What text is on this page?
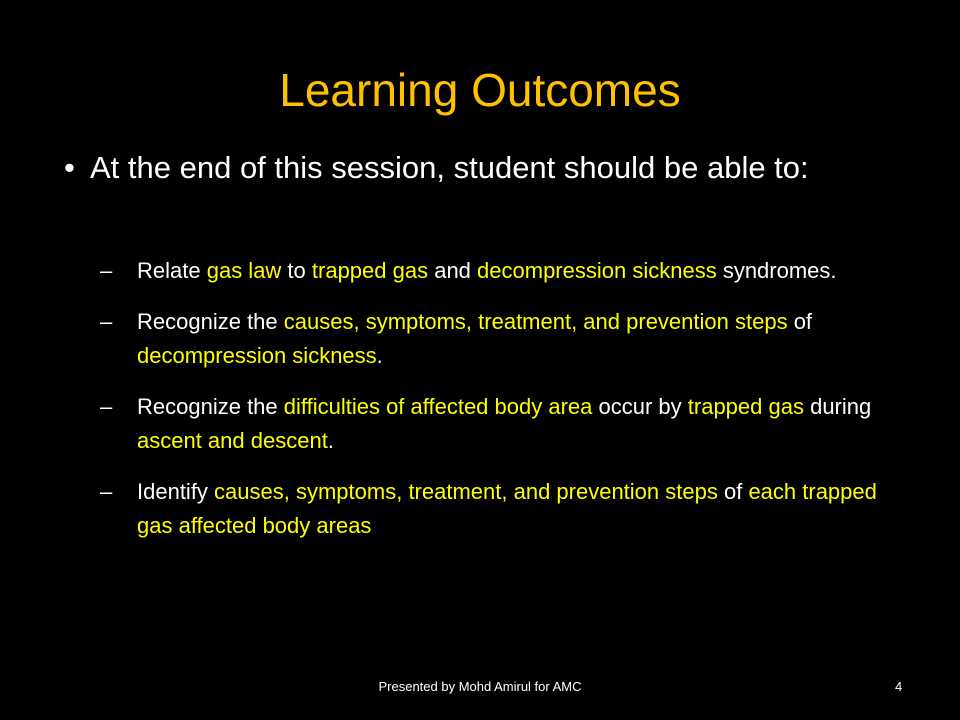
Learning Outcomes
• At the end of this session, student should be able to:
– Relate gas law to trapped gas and decompression sickness syndromes.
– Recognize the causes, symptoms, treatment, and prevention steps of decompression sickness.
– Recognize the difficulties of affected body area occur by trapped gas during ascent and descent.
– Identify causes, symptoms, treatment, and prevention steps of each trapped gas affected body areas
Presented by Mohd Amirul for AMC	4
